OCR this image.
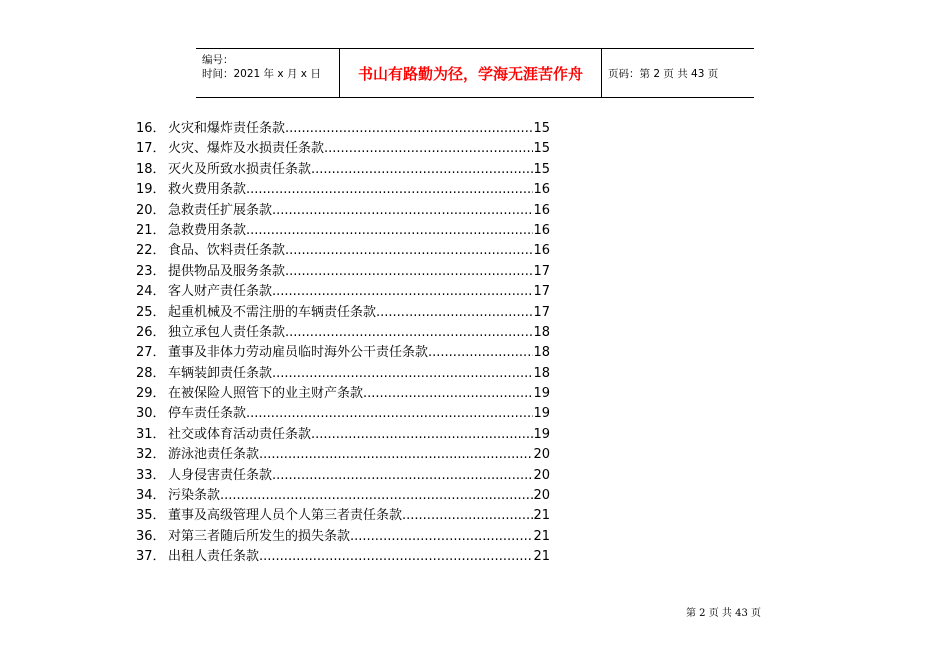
编号：
时间：2021 年 x 月 x 日	书山有路勤为径，学海无涯苦作舟	页码：第 2 页 共 43 页
16． 火灾和爆炸责任条款 .....	15
17． 火灾、爆炸及水损责任条款 .....	15
18． 灭火及所致水损责任条款 .....	15
19． 救火费用条款 .....	16
20． 急救责任扩展条款 .....	16
21． 急救费用条款 .....	16
22． 食品、饮料责任条款 .....	16
23． 提供物品及服务条款 .....	17
24． 客人财产责任条款 .....	17
25． 起重机械及不需注册的车辆责任条款 .....	17
26． 独立承包人责任条款 .....	18
27． 董事及非体力劳动雇员临时海外公干责任条款 .....	18
28． 车辆装卸责任条款 .....	18
29． 在被保险人照管下的业主财产条款 .....	19
30． 停车责任条款 .....	19
31． 社交或体育活动责任条款 .....	19
32． 游泳池责任条款 .....	20
33． 人身侵害责任条款 .....	20
34． 污染条款 .....	20
35． 董事及高级管理人员个人第三者责任条款 .....	21
36． 对第三者随后所发生的损失条款 .....	21
37． 出租人责任条款 .....	21
第 2 页 共 43 页
